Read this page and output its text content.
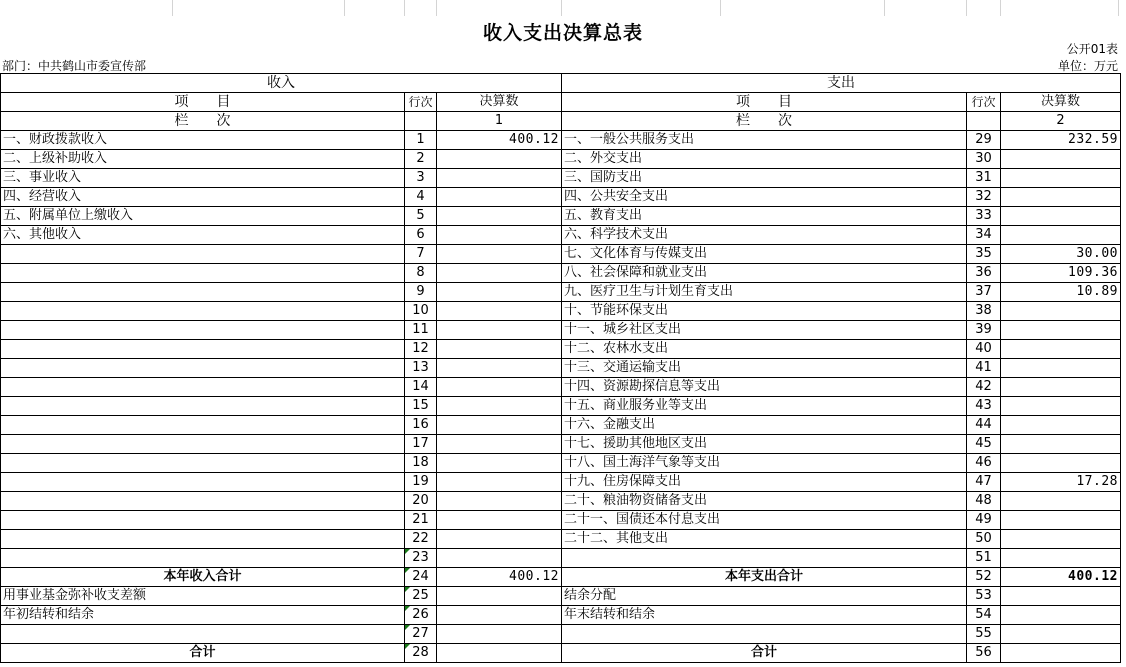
收入支出决算总表
公开01表
部门：中共鹤山市委宣传部	单位：万元
收入			支出		
项　　目	行次	决算数	项　　目	行次	决算数
栏　　次		1	栏　　次		2
一、财政拨款收入	1	400.12	一、一般公共服务支出	29	232.59
二、上级补助收入	2		二、外交支出	30	
三、事业收入	3		三、国防支出	31	
四、经营收入	4		四、公共安全支出	32	
五、附属单位上缴收入	5		五、教育支出	33	
六、其他收入	6		六、科学技术支出	34	
	7		七、文化体育与传媒支出	35	30.00
	8		八、社会保障和就业支出	36	109.36
	9		九、医疗卫生与计划生育支出	37	10.89
	10		十、节能环保支出	38	
	11		十一、城乡社区支出	39	
	12		十二、农林水支出	40	
	13		十三、交通运输支出	41	
	14		十四、资源勘探信息等支出	42	
	15		十五、商业服务业等支出	43	
	16		十六、金融支出	44	
	17		十七、援助其他地区支出	45	
	18		十八、国土海洋气象等支出	46	
	19		十九、住房保障支出	47	17.28
	20		二十、粮油物资储备支出	48	
	21		二十一、国债还本付息支出	49	
	22		二十二、其他支出	50	
	23			51	
本年收入合计	24	400.12	本年支出合计	52	400.12
用事业基金弥补收支差额	25		结余分配	53	
年初结转和结余	26		年末结转和结余	54	
	27			55	
合计	28		合计	56	
